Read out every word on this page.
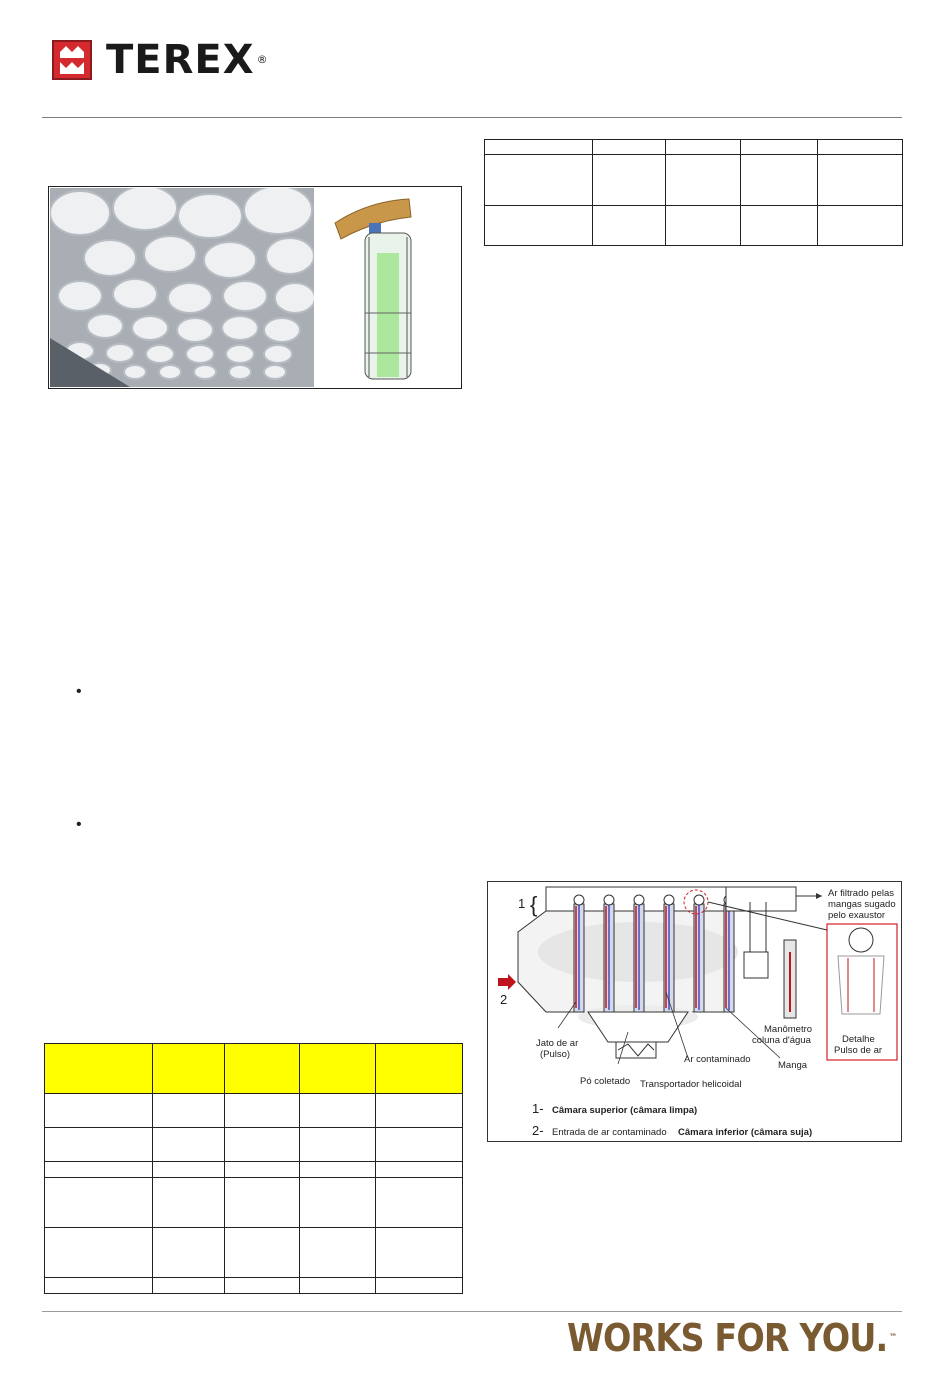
TEREX ®

•
•
1 {
2
Ar filtrado pelas
mangas sugado
pelo exaustor
Jato de ar
(Pulso)
Manômetro
coluna d'água
Ar contaminado
Manga
Detalhe
Pulso de ar
Pó coletado Transportador helicoidal
1- Câmara superior (câmara limpa)
2- Entrada de ar contaminado Câmara inferior (câmara suja)

WORKS FOR YOU. ™
